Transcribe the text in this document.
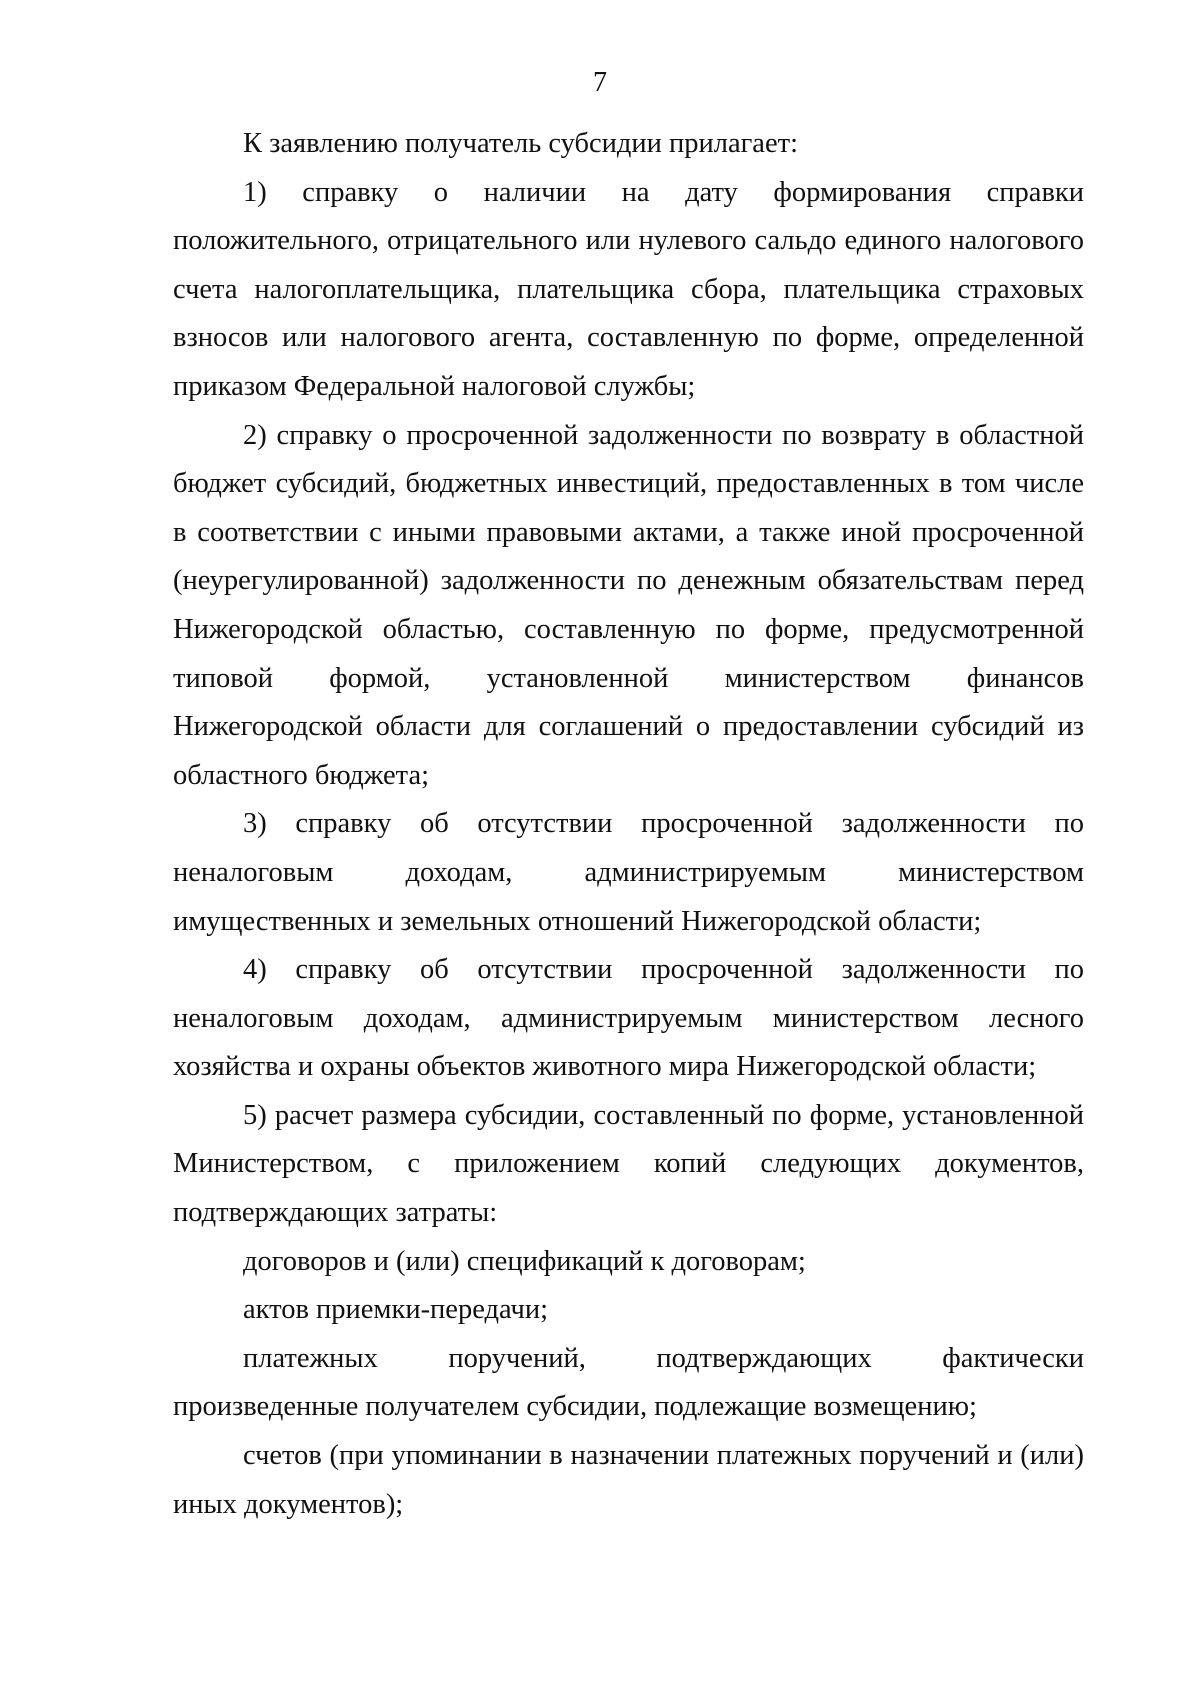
7

К заявлению получатель субсидии прилагает:

1) справку о наличии на дату формирования справки положительного, отрицательного или нулевого сальдо единого налогового счета налогоплательщика, плательщика сбора, плательщика страховых взносов или налогового агента, составленную по форме, определенной приказом Федеральной налоговой службы;

2) справку о просроченной задолженности по возврату в областной бюджет субсидий, бюджетных инвестиций, предоставленных в том числе в соответствии с иными правовыми актами, а также иной просроченной (неурегулированной) задолженности по денежным обязательствам перед Нижегородской областью, составленную по форме, предусмотренной типовой формой, установленной министерством финансов Нижегородской области для соглашений о предоставлении субсидий из областного бюджета;

3) справку об отсутствии просроченной задолженности по неналоговым доходам, администрируемым министерством имущественных и земельных отношений Нижегородской области;

4) справку об отсутствии просроченной задолженности по неналоговым доходам, администрируемым министерством лесного хозяйства и охраны объектов животного мира Нижегородской области;

5) расчет размера субсидии, составленный по форме, установленной Министерством, с приложением копий следующих документов, подтверждающих затраты:

договоров и (или) спецификаций к договорам;

актов приемки-передачи;

платежных поручений, подтверждающих фактически произведенные получателем субсидии, подлежащие возмещению;

счетов (при упоминании в назначении платежных поручений и (или) иных документов);
